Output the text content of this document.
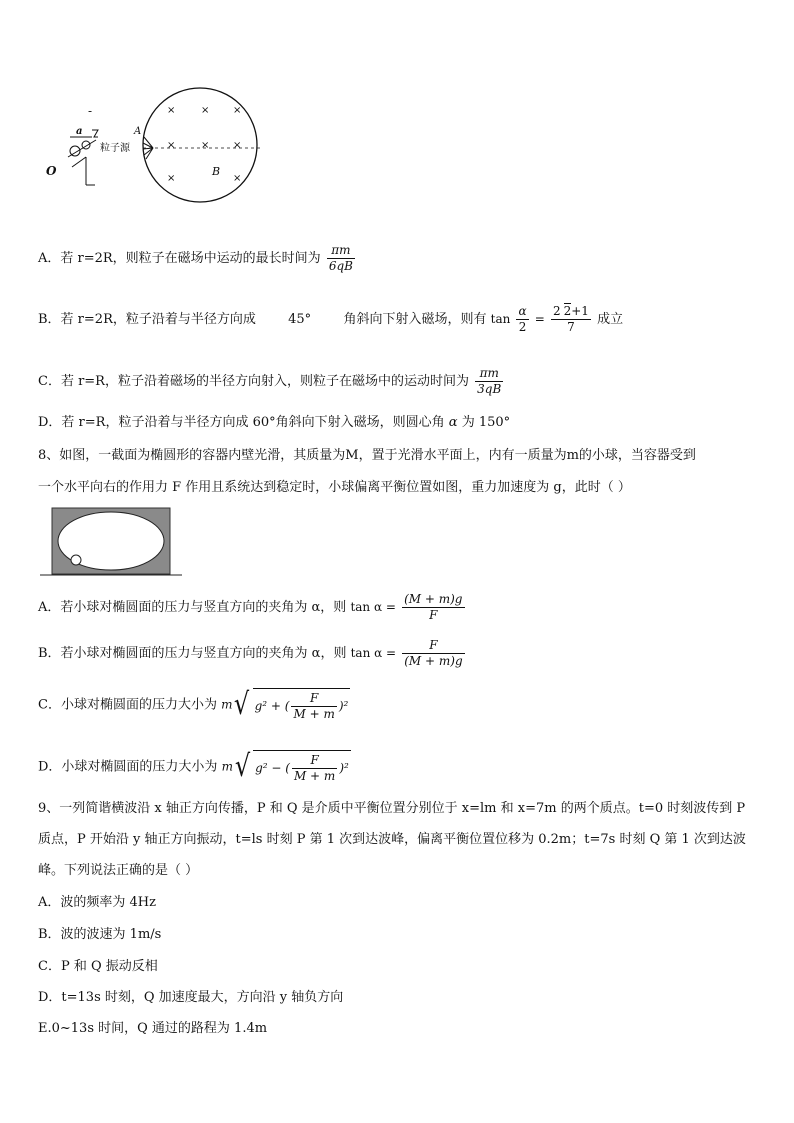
×	× ×
×	× ×
×	×
B
A
粒子源
-
a
O
A．若 r=2R，则粒子在磁场中运动的最长时间为 $\frac{\pi m}{6qB}$
B．若 r=2R，粒子沿着与半径方向成 45° 角斜向下射入磁场，则有 $\tan \frac{\alpha}{2} = \frac{2 2+1}{7}$ 成立
C．若 r=R，粒子沿着磁场的半径方向射入，则粒子在磁场中的运动时间为 $\frac{\pi m}{3qB}$
D．若 r=R，粒子沿着与半径方向成 60°角斜向下射入磁场，则圆心角 α 为 150°
8、如图，一截面为椭圆形的容器内壁光滑，其质量为M，置于光滑水平面上，内有一质量为m的小球，当容器受到
一个水平向右的作用力 F 作用且系统达到稳定时，小球偏离平衡位置如图，重力加速度为 g，此时（ ）
A．若小球对椭圆面的压力与竖直方向的夹角为 α，则 $\tan \alpha = \frac{(M + m)g}{F}$
B．若小球对椭圆面的压力与竖直方向的夹角为 α，则 $\tan \alpha = \frac{F}{(M + m)g}$
C．小球对椭圆面的压力大小为 m√ g² + ( $\frac{F}{M + m} )^2$
D．小球对椭圆面的压力大小为 m√ g² − ( $\frac{F}{M + m} )^2$
9、一列简谐横波沿 x 轴正方向传播，P 和 Q 是介质中平衡位置分别位于 x=lm 和 x=7m 的两个质点。t=0 时刻波传到 P
质点，P 开始沿 y 轴正方向振动，t=ls 时刻 P 第 1 次到达波峰，偏离平衡位置位移为 0.2m；t=7s 时刻 Q 第 1 次到达波
峰。下列说法正确的是（ ）
A．波的频率为 4Hz
B．波的波速为 1m/s
C．P 和 Q 振动反相
D．t=13s 时刻，Q 加速度最大，方向沿 y 轴负方向
E.0~13s 时间，Q 通过的路程为 1.4m
